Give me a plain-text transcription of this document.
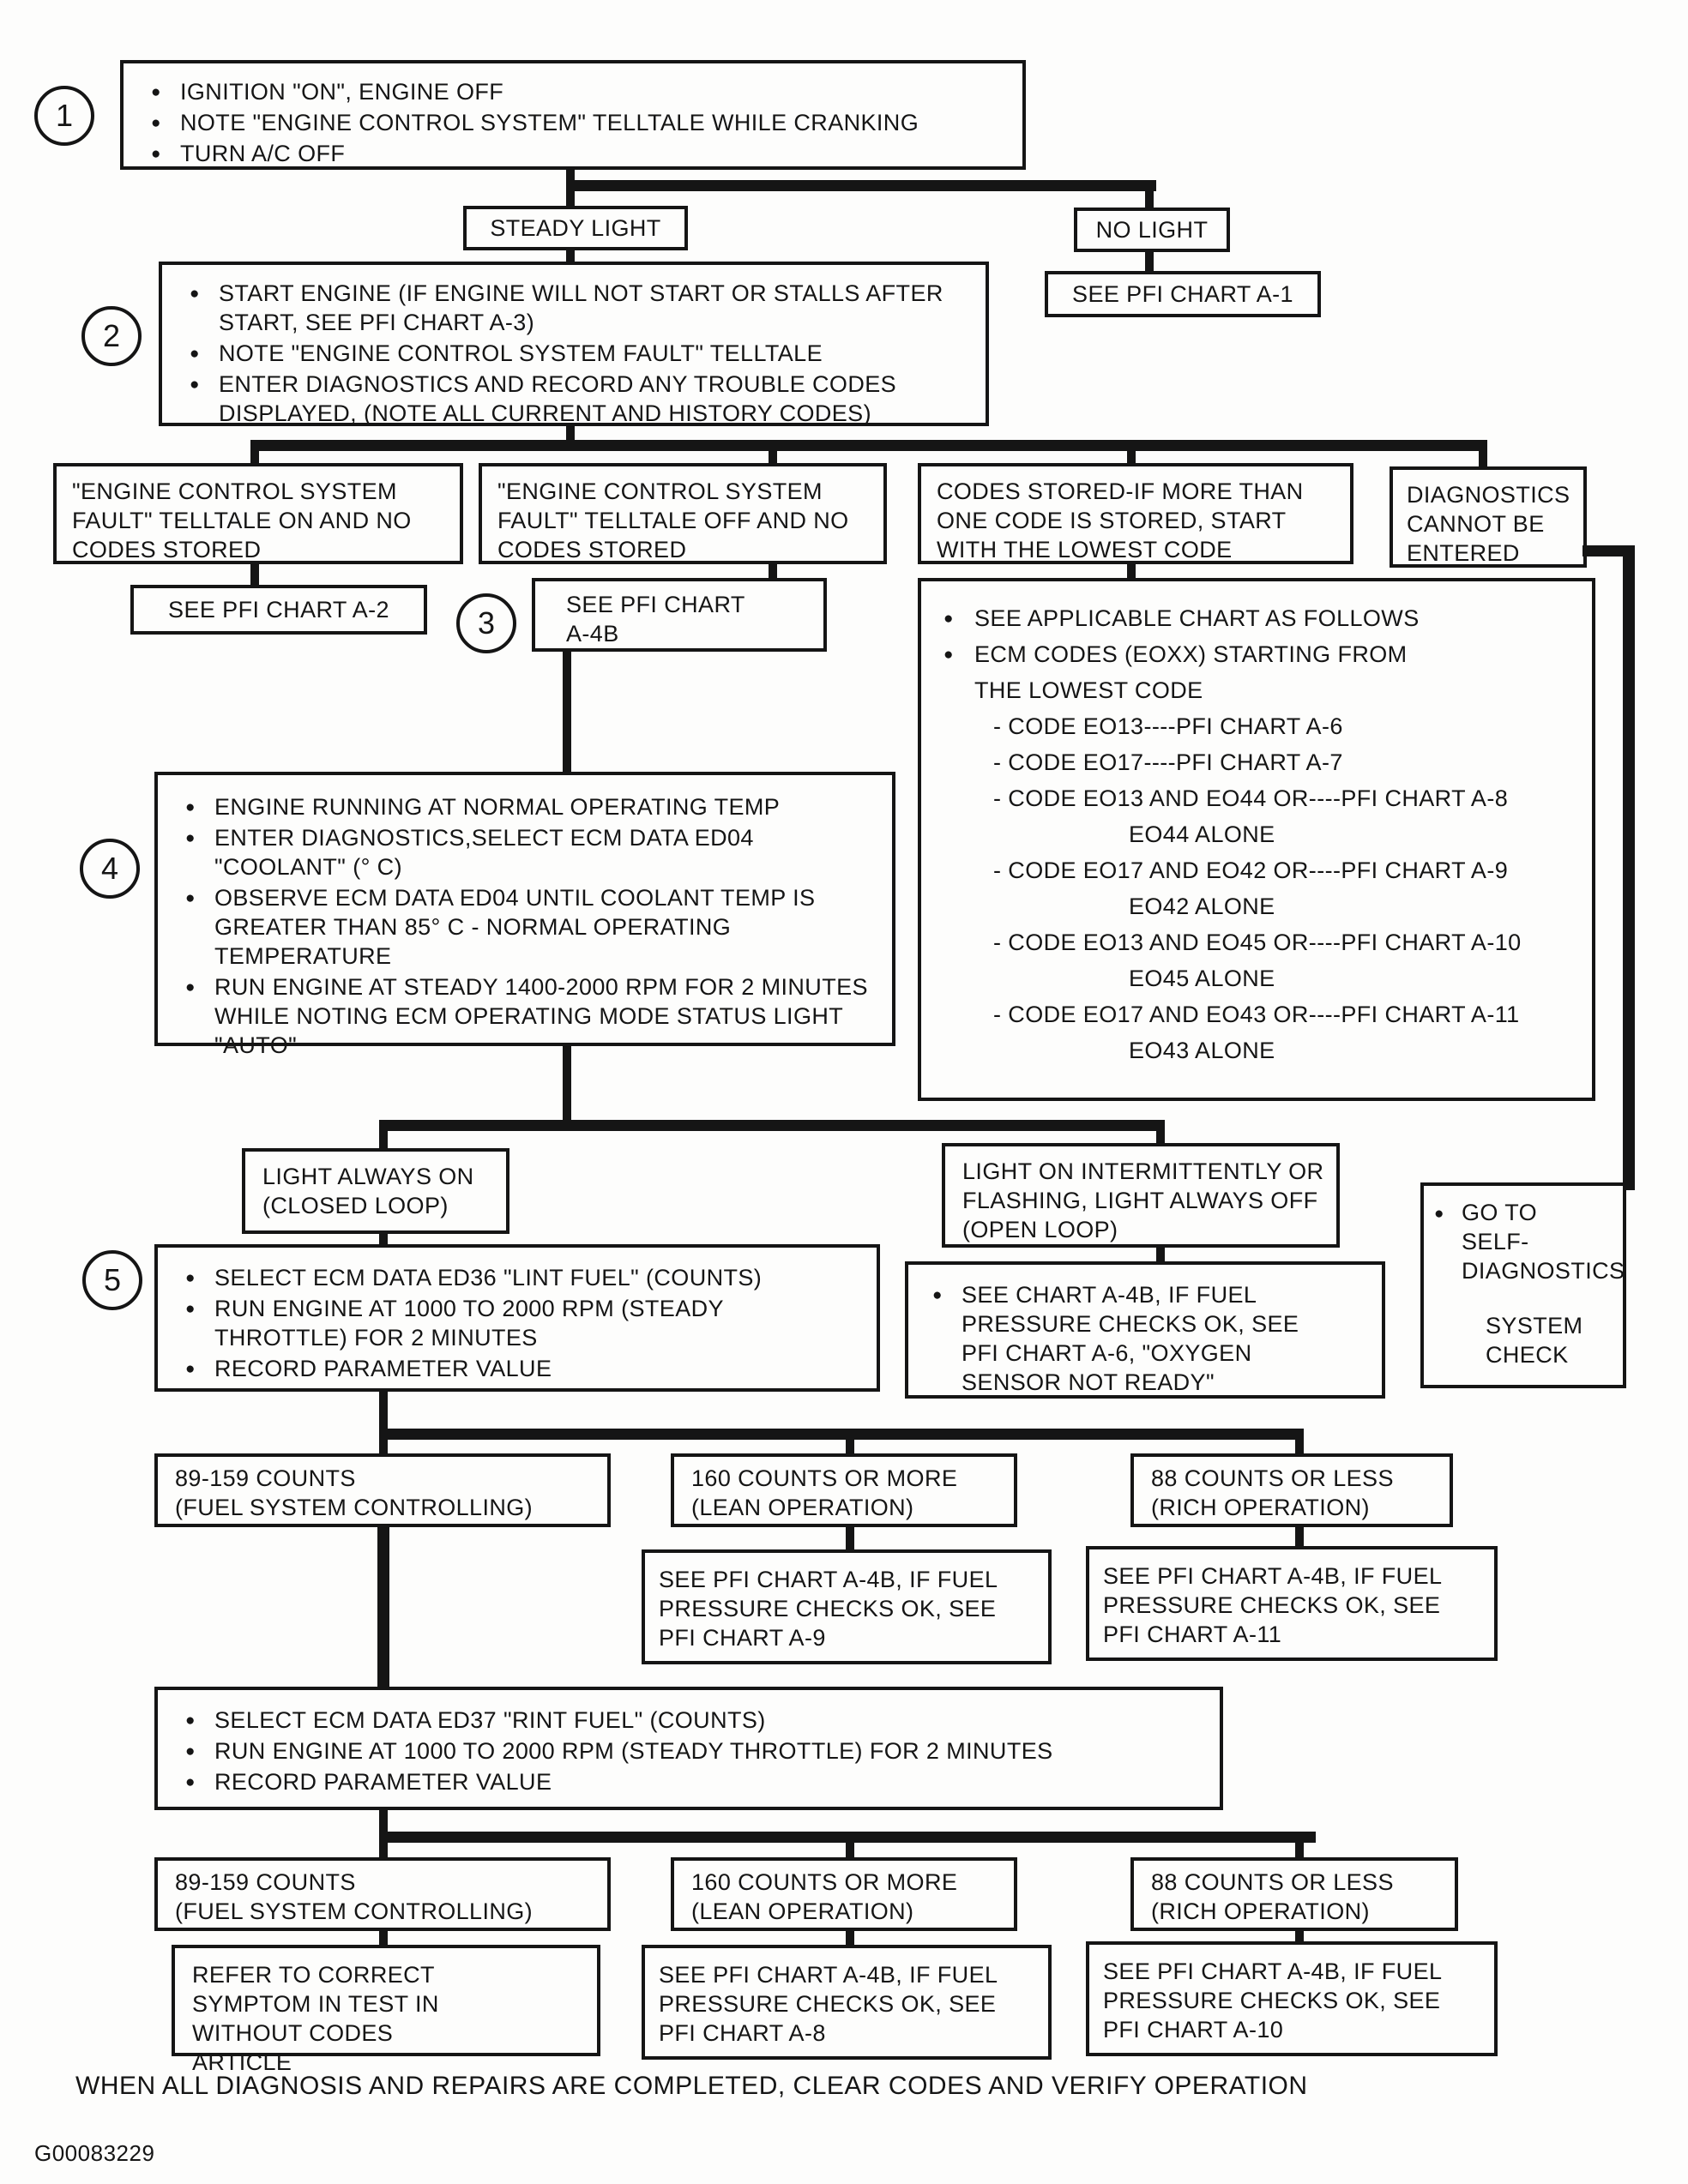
1
2
3
4
5
● IGNITION "ON", ENGINE OFF
● NOTE "ENGINE CONTROL SYSTEM" TELLTALE WHILE CRANKING
● TURN A/C OFF
STEADY LIGHT	NO LIGHT
SEE PFI CHART A-1
● START ENGINE (IF ENGINE WILL NOT START OR STALLS AFTER START, SEE PFI CHART A-3)
● NOTE "ENGINE CONTROL SYSTEM FAULT" TELLTALE
● ENTER DIAGNOSTICS AND RECORD ANY TROUBLE CODES DISPLAYED, (NOTE ALL CURRENT AND HISTORY CODES)
"ENGINE CONTROL SYSTEM FAULT" TELLTALE ON AND NO CODES STORED
"ENGINE CONTROL SYSTEM FAULT" TELLTALE OFF AND NO CODES STORED
CODES STORED-IF MORE THAN ONE CODE IS STORED, START WITH THE LOWEST CODE
DIAGNOSTICS CANNOT BE ENTERED
SEE PFI CHART A-2	SEE PFI CHART A-4B
● SEE APPLICABLE CHART AS FOLLOWS
● ECM CODES (EOXX) STARTING FROM
THE LOWEST CODE
- CODE EO13----PFI CHART A-6
- CODE EO17----PFI CHART A-7
- CODE EO13 AND EO44 OR----PFI CHART A-8
EO44 ALONE
- CODE EO17 AND EO42 OR----PFI CHART A-9
EO42 ALONE
- CODE EO13 AND EO45 OR----PFI CHART A-10
EO45 ALONE
- CODE EO17 AND EO43 OR----PFI CHART A-11
EO43 ALONE
● ENGINE RUNNING AT NORMAL OPERATING TEMP
● ENTER DIAGNOSTICS,SELECT ECM DATA ED04 "COOLANT" (° C)
● OBSERVE ECM DATA ED04 UNTIL COOLANT TEMP IS GREATER THAN 85° C - NORMAL OPERATING TEMPERATURE
● RUN ENGINE AT STEADY 1400-2000 RPM FOR 2 MINUTES WHILE NOTING ECM OPERATING MODE STATUS LIGHT "AUTO"
LIGHT ALWAYS ON
(CLOSED LOOP)
LIGHT ON INTERMITTENTLY OR FLASHING, LIGHT ALWAYS OFF (OPEN LOOP)
● SELECT ECM DATA ED36 "LINT FUEL" (COUNTS)
● RUN ENGINE AT 1000 TO 2000 RPM (STEADY THROTTLE) FOR 2 MINUTES
● RECORD PARAMETER VALUE
● SEE CHART A-4B, IF FUEL PRESSURE CHECKS OK, SEE PFI CHART A-6, "OXYGEN SENSOR NOT READY"
● GO TO
SELF-
DIAGNOSTICS
SYSTEM
CHECK
89-159 COUNTS
(FUEL SYSTEM CONTROLLING)
160 COUNTS OR MORE
(LEAN OPERATION)
88 COUNTS OR LESS
(RICH OPERATION)
SEE PFI CHART A-4B, IF FUEL PRESSURE CHECKS OK, SEE PFI CHART A-9
SEE PFI CHART A-4B, IF FUEL PRESSURE CHECKS OK, SEE PFI CHART A-11
● SELECT ECM DATA ED37 "RINT FUEL" (COUNTS)
● RUN ENGINE AT 1000 TO 2000 RPM (STEADY THROTTLE) FOR 2 MINUTES
● RECORD PARAMETER VALUE
89-159 COUNTS
(FUEL SYSTEM CONTROLLING)
160 COUNTS OR MORE
(LEAN OPERATION)
88 COUNTS OR LESS
(RICH OPERATION)
REFER TO CORRECT SYMPTOM IN TEST IN WITHOUT CODES ARTICLE
SEE PFI CHART A-4B, IF FUEL PRESSURE CHECKS OK, SEE PFI CHART A-8
SEE PFI CHART A-4B, IF FUEL PRESSURE CHECKS OK, SEE PFI CHART A-10
WHEN ALL DIAGNOSIS AND REPAIRS ARE COMPLETED, CLEAR CODES AND VERIFY OPERATION
G00083229
